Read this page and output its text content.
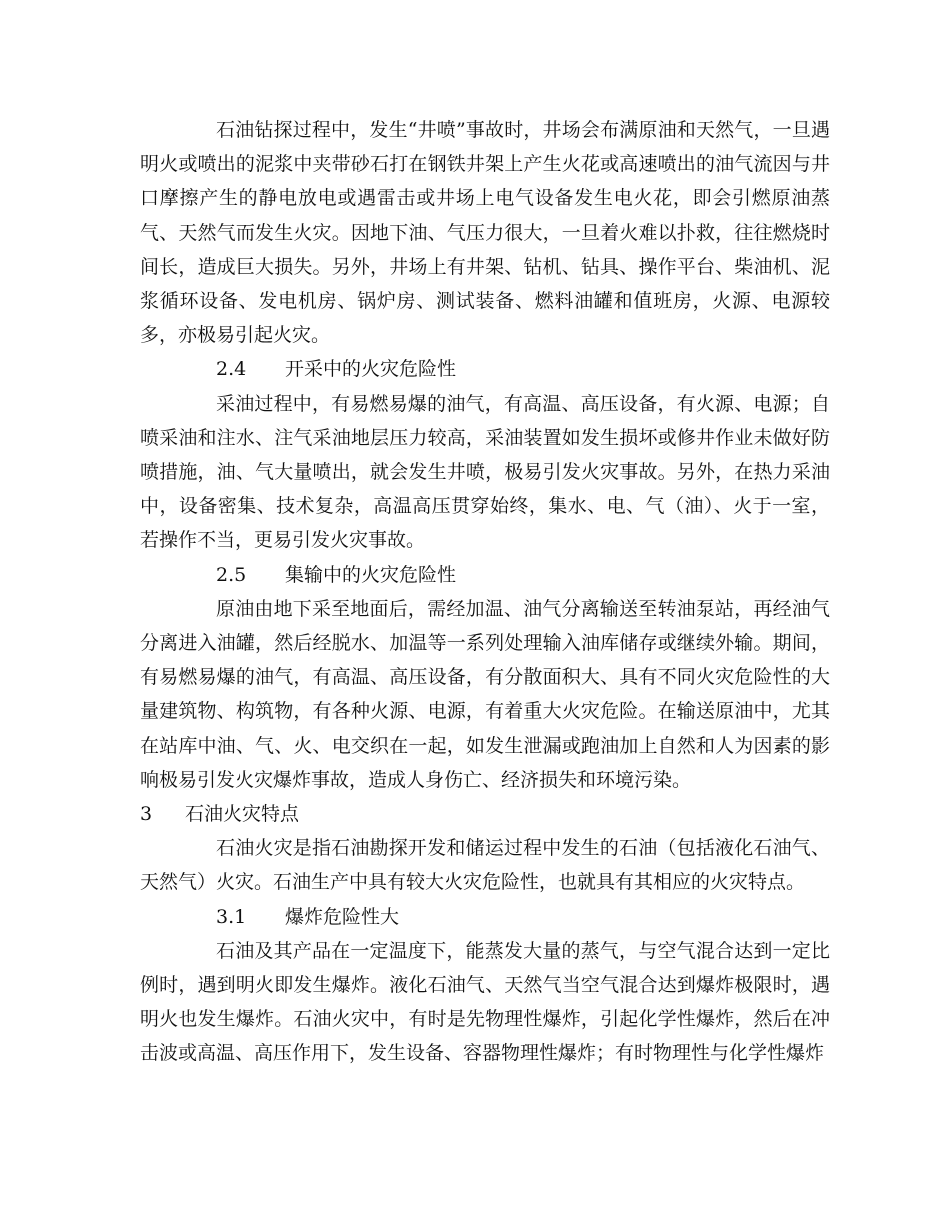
石油钻探过程中，发生“井喷”事故时，井场会布满原油和天然气，一旦遇明火或喷出的泥浆中夹带砂石打在钢铁井架上产生火花或高速喷出的油气流因与井口摩擦产生的静电放电或遇雷击或井场上电气设备发生电火花，即会引燃原油蒸气、天然气而发生火灾。因地下油、气压力很大，一旦着火难以扑救，往往燃烧时间长，造成巨大损失。另外，井场上有井架、钻机、钻具、操作平台、柴油机、泥浆循环设备、发电机房、锅炉房、测试装备、燃料油罐和值班房，火源、电源较多，亦极易引起火灾。

2.4 开采中的火灾危险性

采油过程中，有易燃易爆的油气，有高温、高压设备，有火源、电源；自喷采油和注水、注气采油地层压力较高，采油装置如发生损坏或修井作业未做好防喷措施，油、气大量喷出，就会发生井喷，极易引发火灾事故。另外，在热力采油中，设备密集、技术复杂，高温高压贯穿始终，集水、电、气（油）、火于一室，若操作不当，更易引发火灾事故。

2.5 集输中的火灾危险性

原油由地下采至地面后，需经加温、油气分离输送至转油泵站，再经油气分离进入油罐，然后经脱水、加温等一系列处理输入油库储存或继续外输。期间，有易燃易爆的油气，有高温、高压设备，有分散面积大、具有不同火灾危险性的大量建筑物、构筑物，有各种火源、电源，有着重大火灾危险。在输送原油中，尤其在站库中油、气、火、电交织在一起，如发生泄漏或跑油加上自然和人为因素的影响极易引发火灾爆炸事故，造成人身伤亡、经济损失和环境污染。

3 石油火灾特点

石油火灾是指石油勘探开发和储运过程中发生的石油（包括液化石油气、天然气）火灾。石油生产中具有较大火灾危险性，也就具有其相应的火灾特点。

3.1 爆炸危险性大

石油及其产品在一定温度下，能蒸发大量的蒸气，与空气混合达到一定比例时，遇到明火即发生爆炸。液化石油气、天然气当空气混合达到爆炸极限时，遇明火也发生爆炸。石油火灾中，有时是先物理性爆炸，引起化学性爆炸，然后在冲击波或高温、高压作用下，发生设备、容器物理性爆炸；有时物理性与化学性爆炸
